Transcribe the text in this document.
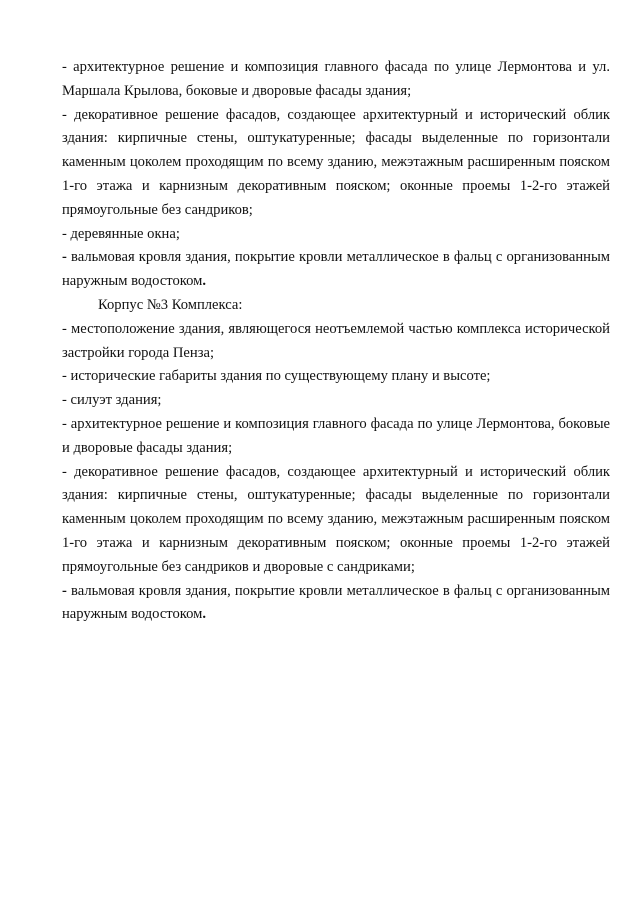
- архитектурное решение и композиция главного фасада по улице Лермонтова и ул. Маршала Крылова, боковые и дворовые фасады здания;

- декоративное решение фасадов, создающее архитектурный и исторический облик здания: кирпичные стены, оштукатуренные; фасады выделенные по горизонтали каменным цоколем проходящим по всему зданию, межэтажным расширенным пояском 1-го этажа и карнизным декоративным пояском; оконные проемы 1-2-го этажей прямоугольные без сандриков;

- деревянные окна;

- вальмовая кровля здания, покрытие кровли металлическое в фальц с организованным наружным водостоком.

Корпус №3 Комплекса:

- местоположение здания, являющегося неотъемлемой частью комплекса исторической застройки города Пенза;

- исторические габариты здания по существующему плану и высоте;

- силуэт здания;

- архитектурное решение и композиция главного фасада по улице Лермонтова, боковые и дворовые фасады здания;

- декоративное решение фасадов, создающее архитектурный и исторический облик здания: кирпичные стены, оштукатуренные; фасады выделенные по горизонтали каменным цоколем проходящим по всему зданию, межэтажным расширенным пояском 1-го этажа и карнизным декоративным пояском; оконные проемы 1-2-го этажей прямоугольные без сандриков и дворовые с сандриками;

- вальмовая кровля здания, покрытие кровли металлическое в фальц с организованным наружным водостоком.
